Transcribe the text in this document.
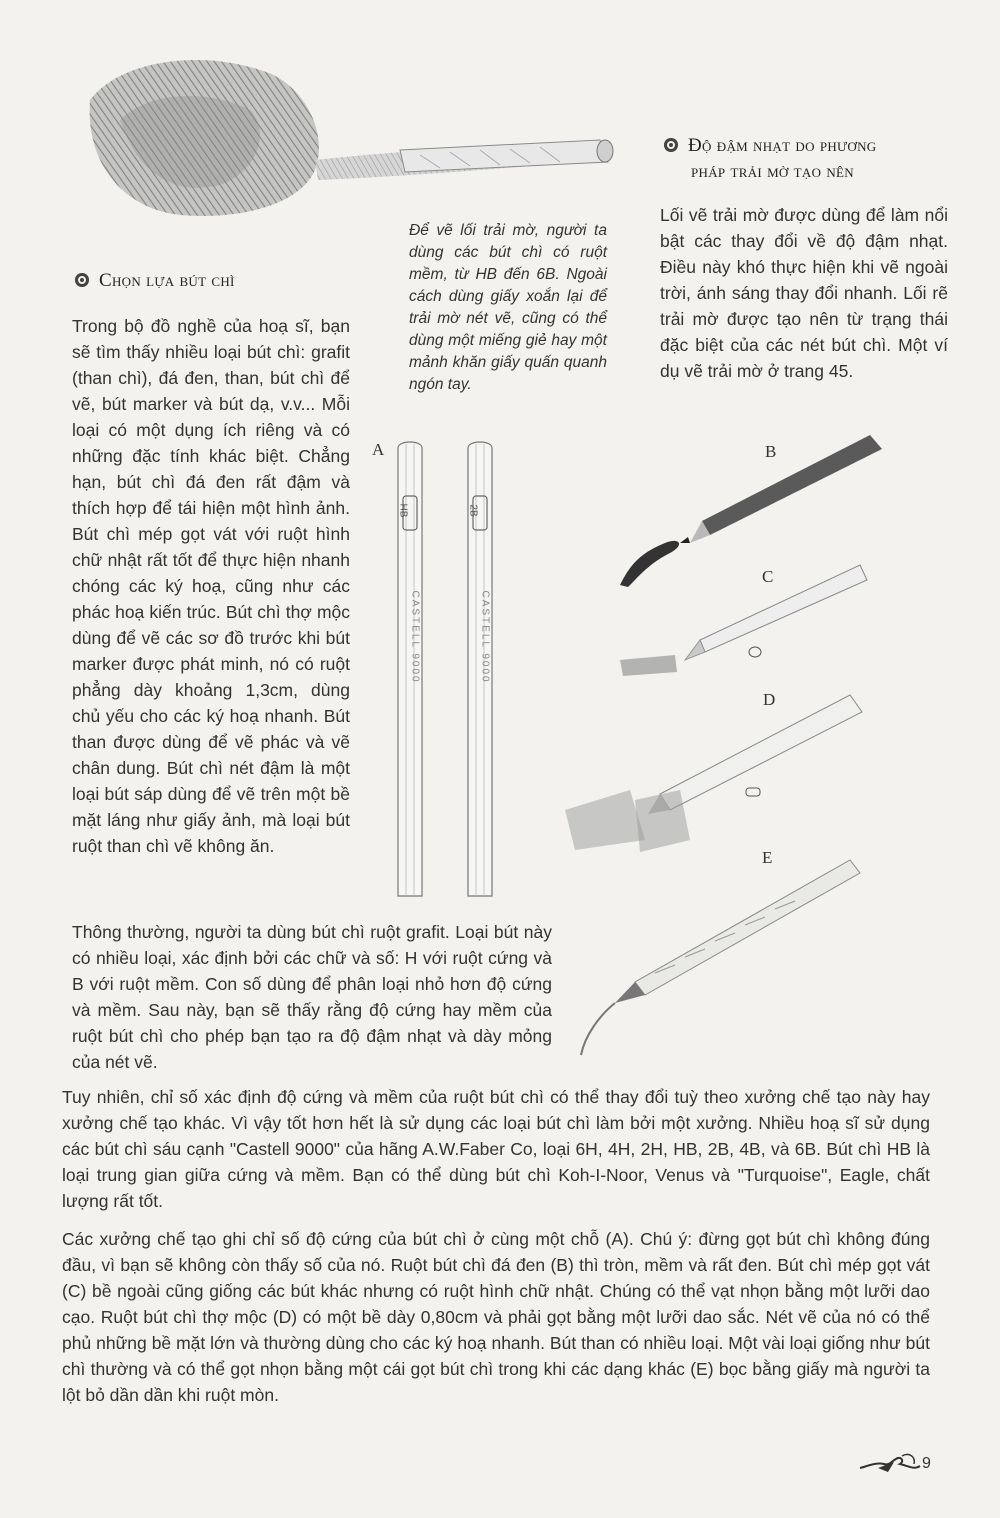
Độ đậm nhạt do phương
pháp trải mờ tạo nên
Lối vẽ trải mờ được dùng để làm nổi bật các thay đổi về độ đậm nhạt. Điều này khó thực hiện khi vẽ ngoài trời, ánh sáng thay đổi nhanh. Lối rẽ trải mờ được tạo nên từ trạng thái đặc biệt của các nét bút chì. Một ví dụ vẽ trải mờ ở trang 45.
Để vẽ lối trải mờ, người ta dùng các bút chì có ruột mềm, từ HB đến 6B. Ngoài cách dùng giấy xoắn lại để trải mờ nét vẽ, cũng có thể dùng một miếng giẻ hay một mảnh khăn giấy quấn quanh ngón tay.
Chọn lựa bút chì
Trong bộ đồ nghề của hoạ sĩ, bạn sẽ tìm thấy nhiều loại bút chì: grafit (than chì), đá đen, than, bút chì để vẽ, bút marker và bút dạ, v.v... Mỗi loại có một dụng ích riêng và có những đặc tính khác biệt. Chẳng hạn, bút chì đá đen rất đậm và thích hợp để tái hiện một hình ảnh. Bút chì mép gọt vát với ruột hình chữ nhật rất tốt để thực hiện nhanh chóng các ký hoạ, cũng như các phác hoạ kiến trúc. Bút chì thợ mộc dùng để vẽ các sơ đồ trước khi bút marker được phát minh, nó có ruột phẳng dày khoảng 1,3cm, dùng chủ yếu cho các ký hoạ nhanh. Bút than được dùng để vẽ phác và vẽ chân dung. Bút chì nét đậm là một loại bút sáp dùng để vẽ trên một bề mặt láng như giấy ảnh, mà loại bút ruột than chì vẽ không ăn.
A
HB
CASTELL 9000
2B
CASTELL 9000
B
C
D
E
Thông thường, người ta dùng bút chì ruột grafit. Loại bút này có nhiều loại, xác định bởi các chữ và số: H với ruột cứng và B với ruột mềm. Con số dùng để phân loại nhỏ hơn độ cứng và mềm. Sau này, bạn sẽ thấy rằng độ cứng hay mềm của ruột bút chì cho phép bạn tạo ra độ đậm nhạt và dày mỏng của nét vẽ.
Tuy nhiên, chỉ số xác định độ cứng và mềm của ruột bút chì có thể thay đổi tuỳ theo xưởng chế tạo này hay xưởng chế tạo khác. Vì vậy tốt hơn hết là sử dụng các loại bút chì làm bởi một xưởng. Nhiều hoạ sĩ sử dụng các bút chì sáu cạnh "Castell 9000" của hãng A.W.Faber Co, loại 6H, 4H, 2H, HB, 2B, 4B, và 6B. Bút chì HB là loại trung gian giữa cứng và mềm. Bạn có thể dùng bút chì Koh-I-Noor, Venus và "Turquoise", Eagle, chất lượng rất tốt.
Các xưởng chế tạo ghi chỉ số độ cứng của bút chì ở cùng một chỗ (A). Chú ý: đừng gọt bút chì không đúng đầu, vì bạn sẽ không còn thấy số của nó. Ruột bút chì đá đen (B) thì tròn, mềm và rất đen. Bút chì mép gọt vát (C) bề ngoài cũng giống các bút khác nhưng có ruột hình chữ nhật. Chúng có thể vạt nhọn bằng một lưỡi dao cạo. Ruột bút chì thợ mộc (D) có một bề dày 0,80cm và phải gọt bằng một lưỡi dao sắc. Nét vẽ của nó có thể phủ những bề mặt lớn và thường dùng cho các ký hoạ nhanh. Bút than có nhiều loại. Một vài loại giống như bút chì thường và có thể gọt nhọn bằng một cái gọt bút chì trong khi các dạng khác (E) bọc bằng giấy mà người ta lột bỏ dần dần khi ruột mòn.
9
